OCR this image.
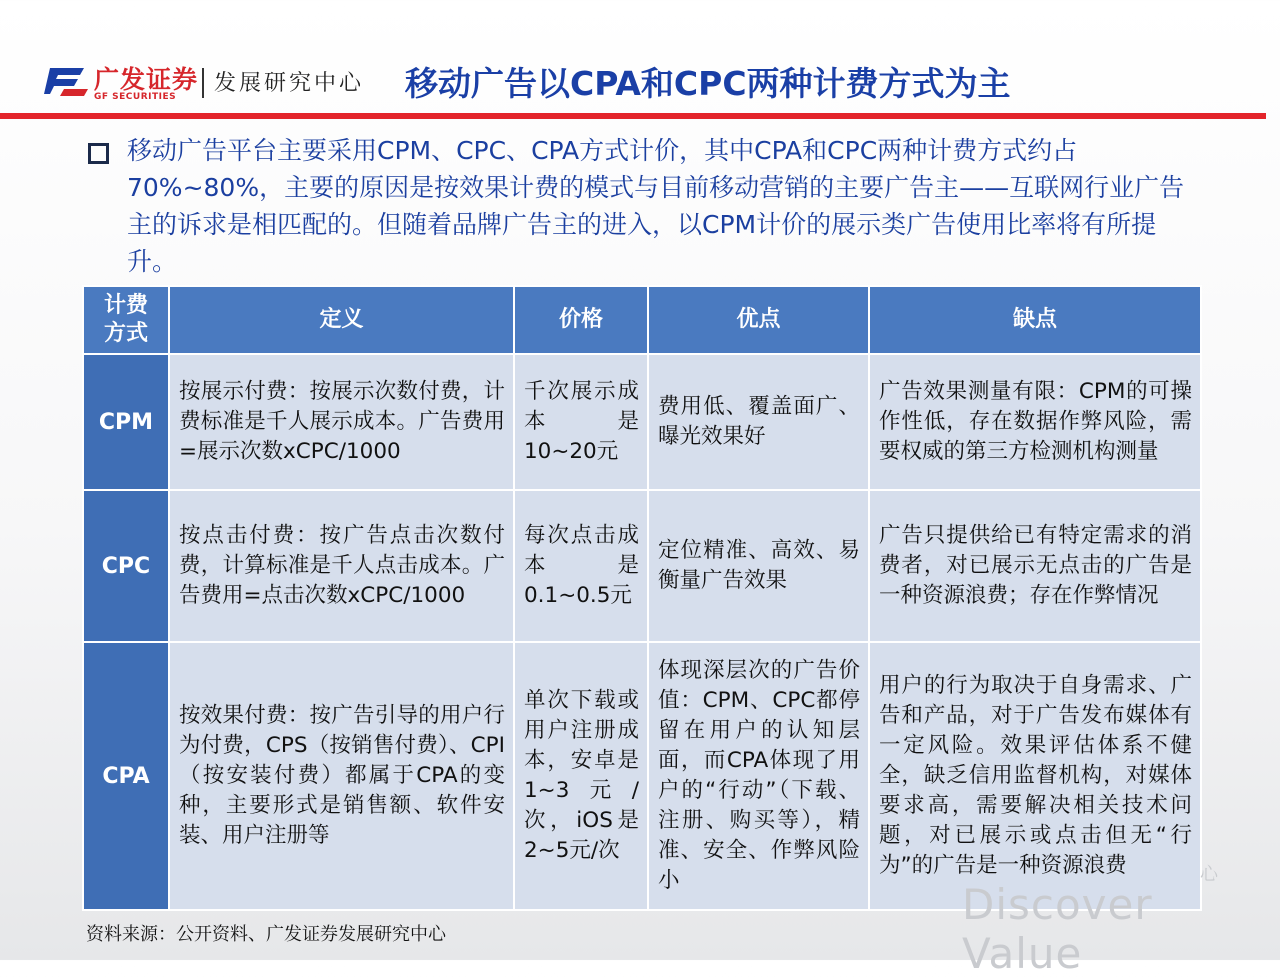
广发证券
GF SECURITIES
发展研究中心 移动广告以CPA和CPC两种计费方式为主
移动广告平台主要采用CPM、CPC、CPA方式计价，其中CPA和CPC两种计费方式约占70%~80%，主要的原因是按效果计费的模式与目前移动营销的主要广告主——互联网行业广告主的诉求是相匹配的。但随着品牌广告主的进入，以CPM计价的展示类广告使用比率将有所提升。
计费方式	定义	价格	优点	缺点
CPM	按展示付费：按展示次数付费，计费标准是千人展示成本。广告费用=展示次数xCPC/1000	千次展示成本是10~20元	费用低、覆盖面广、曝光效果好	广告效果测量有限：CPM的可操作性低，存在数据作弊风险，需要权威的第三方检测机构测量
CPC	按点击付费：按广告点击次数付费，计算标准是千人点击成本。广告费用=点击次数xCPC/1000	每次点击成本是0.1~0.5元	定位精准、高效、易衡量广告效果	广告只提供给已有特定需求的消费者，对已展示无点击的广告是一种资源浪费；存在作弊情况
CPA	按效果付费：按广告引导的用户行为付费，CPS（按销售付费）、CPI（按安装付费）都属于CPA的变种，主要形式是销售额、软件安装、用户注册等	单次下载或用户注册成本，安卓是1~3元/次，iOS是2~5元/次	体现深层次的广告价值：CPM、CPC都停留在用户的认知层面，而CPA体现了用户的“行动”（下载、注册、购买等），精准、安全、作弊风险小	用户的行为取决于自身需求、广告和产品，对于广告发布媒体有一定风险。效果评估体系不健全，缺乏信用监督机构，对媒体要求高，需要解决相关技术问题，对已展示或点击但无“行为”的广告是一种资源浪费
Discover Value
心
资料来源：公开资料、广发证券发展研究中心
